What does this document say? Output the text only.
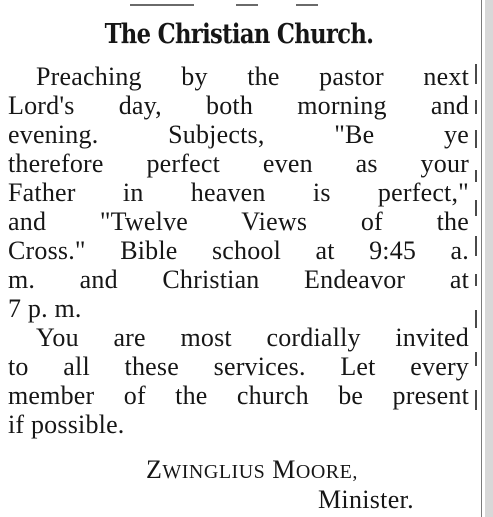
The Christian Church.
Preaching by the pastor next
Lord's day, both morning and
evening. Subjects, "Be ye
therefore perfect even as your
Father in heaven is perfect,"
and "Twelve Views of the
Cross." Bible school at 9:45 a.
m. and Christian Endeavor at
7 p. m.
You are most cordially invited
to all these services. Let every
member of the church be present
if possible.
ZWINGLIUS MOORE,
Minister.
